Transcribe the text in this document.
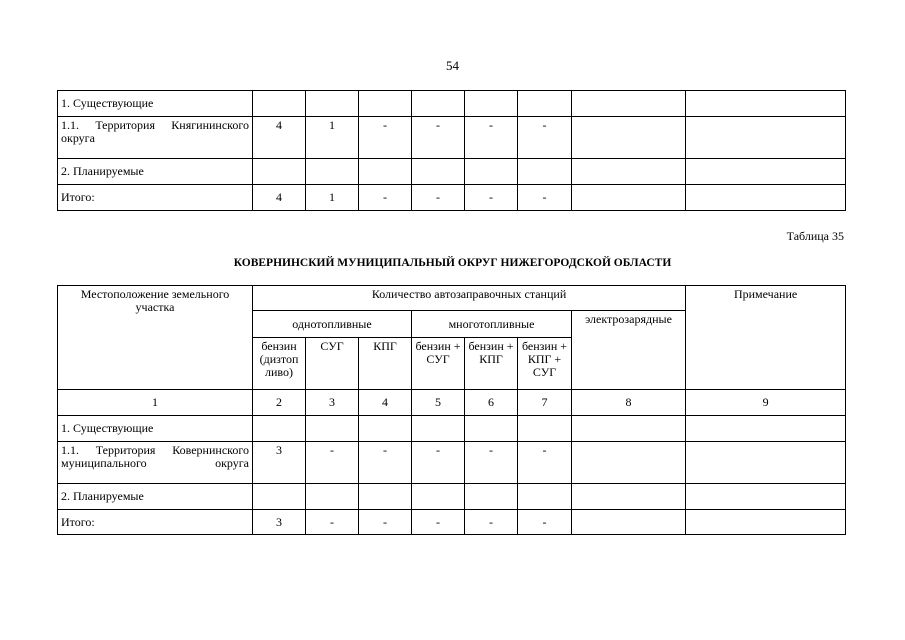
54
1. Существующие								
1.1. Территория Княгининского округа	4	1	-	-	-	-		
2. Планируемые								
Итого:	4	1	-	-	-	-		
Таблица 35
КОВЕРНИНСКИЙ МУНИЦИПАЛЬНЫЙ ОКРУГ НИЖЕГОРОДСКОЙ ОБЛАСТИ
Местоположение земельного участка	Количество автозаправочных станций							Примечание
	однотопливные			многотопливные			электрозарядные	
	бензин (дизтоп ливо)	СУГ	КПГ	бензин + СУГ	бензин + КПГ	бензин + КПГ + СУГ		
1	2	3	4	5	6	7	8	9
1. Существующие								
1.1. Территория Ковернинского муниципального округа	3	-	-	-	-	-		
2. Планируемые								
Итого:	3	-	-	-	-	-		
